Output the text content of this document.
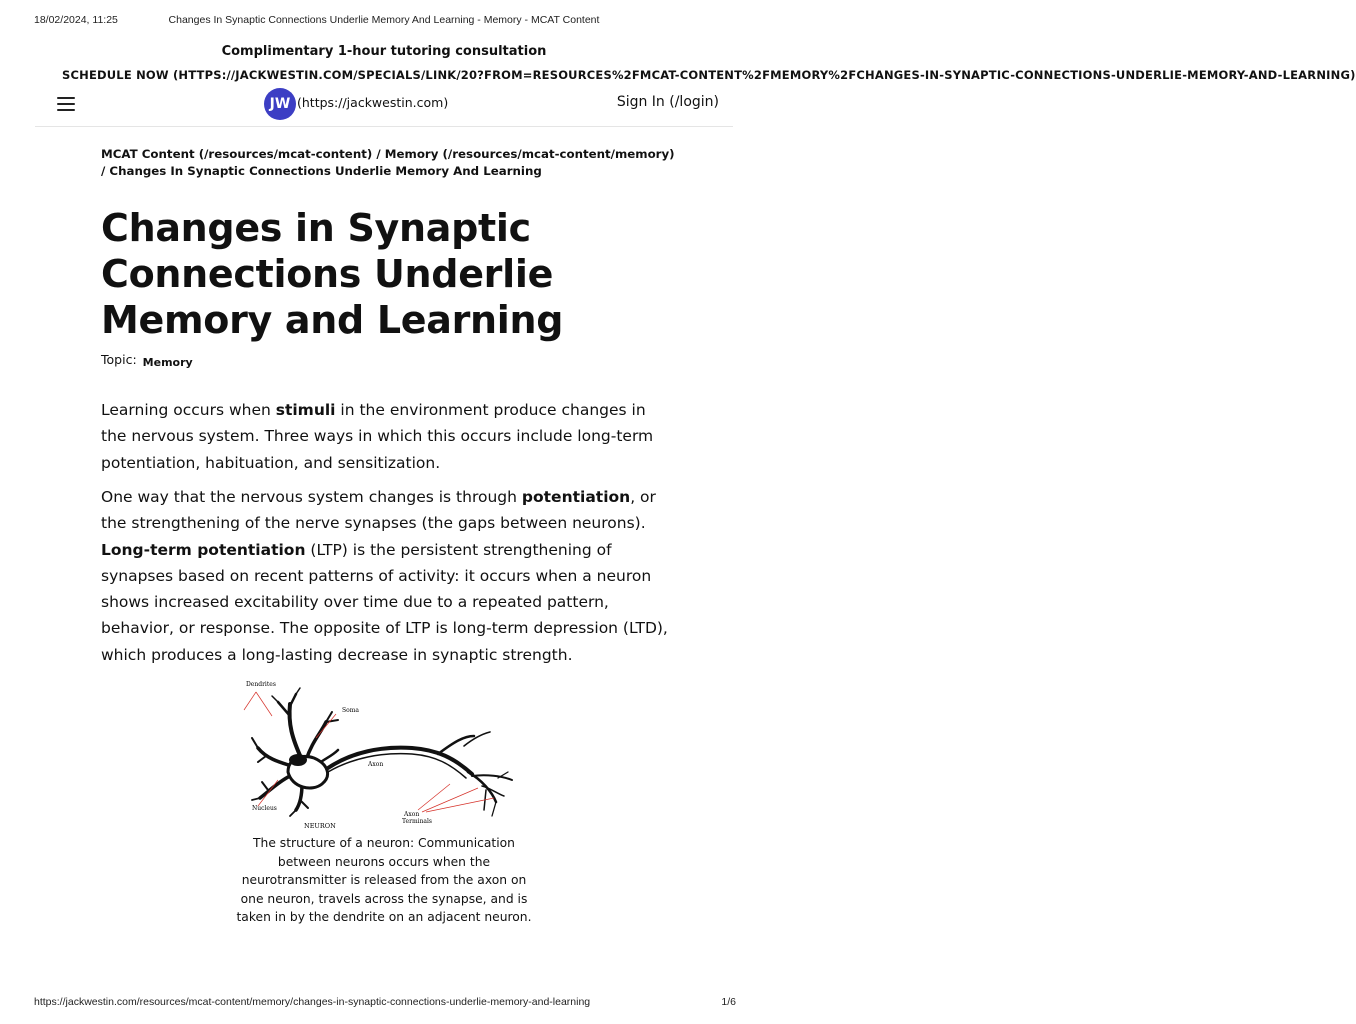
18/02/2024, 11:25	Changes In Synaptic Connections Underlie Memory And Learning - Memory - MCAT Content
Complimentary 1-hour tutoring consultation
SCHEDULE NOW (HTTPS://JACKWESTIN.COM/SPECIALS/LINK/20?FROM=RESOURCES%2FMCAT-CONTENT%2FMEMORY%2FCHANGES-IN-SYNAPTIC-CONNECTIONS-UNDERLIE-MEMORY-AND-LEARNING)
JW (https://jackwestin.com)	Sign In (/login)
MCAT Content (/resources/mcat-content) / Memory (/resources/mcat-content/memory) / Changes In Synaptic Connections Underlie Memory And Learning
Changes in Synaptic Connections Underlie Memory and Learning
Topic: Memory

Learning occurs when stimuli in the environment produce changes in the nervous system. Three ways in which this occurs include long-term potentiation, habituation, and sensitization.

One way that the nervous system changes is through potentiation, or the strengthening of the nerve synapses (the gaps between neurons). Long-term potentiation (LTP) is the persistent strengthening of synapses based on recent patterns of activity: it occurs when a neuron shows increased excitability over time due to a repeated pattern, behavior, or response. The opposite of LTP is long-term depression (LTD), which produces a long-lasting decrease in synaptic strength.

Dendrites
Soma
Axon
Nucleus
Axon
Terminals
NEURON
The structure of a neuron: Communication between neurons occurs when the neurotransmitter is released from the axon on one neuron, travels across the synapse, and is taken in by the dendrite on an adjacent neuron.
https://jackwestin.com/resources/mcat-content/memory/changes-in-synaptic-connections-underlie-memory-and-learning	1/6
